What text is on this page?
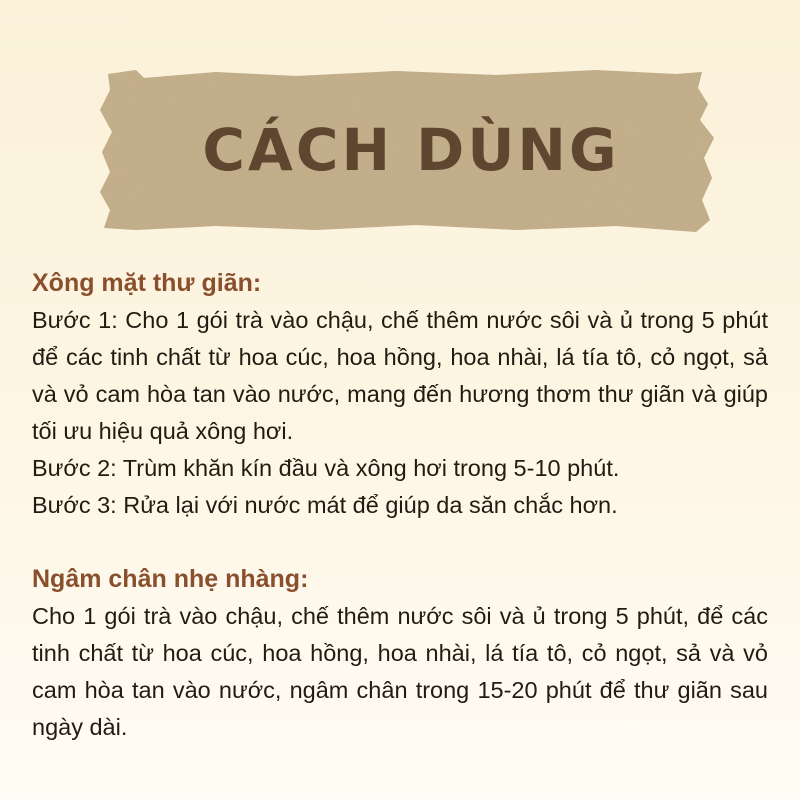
CÁCH DÙNG
Xông mặt thư giãn:

Bước 1: Cho 1 gói trà vào chậu, chế thêm nước sôi và ủ trong 5 phút để các tinh chất từ hoa cúc, hoa hồng, hoa nhài, lá tía tô, cỏ ngọt, sả và vỏ cam hòa tan vào nước, mang đến hương thơm thư giãn và giúp tối ưu hiệu quả xông hơi.

Bước 2: Trùm khăn kín đầu và xông hơi trong 5-10 phút.

Bước 3: Rửa lại với nước mát để giúp da săn chắc hơn.

Ngâm chân nhẹ nhàng:

Cho 1 gói trà vào chậu, chế thêm nước sôi và ủ trong 5 phút, để các tinh chất từ hoa cúc, hoa hồng, hoa nhài, lá tía tô, cỏ ngọt, sả và vỏ cam hòa tan vào nước, ngâm chân trong 15-20 phút để thư giãn sau ngày dài.
